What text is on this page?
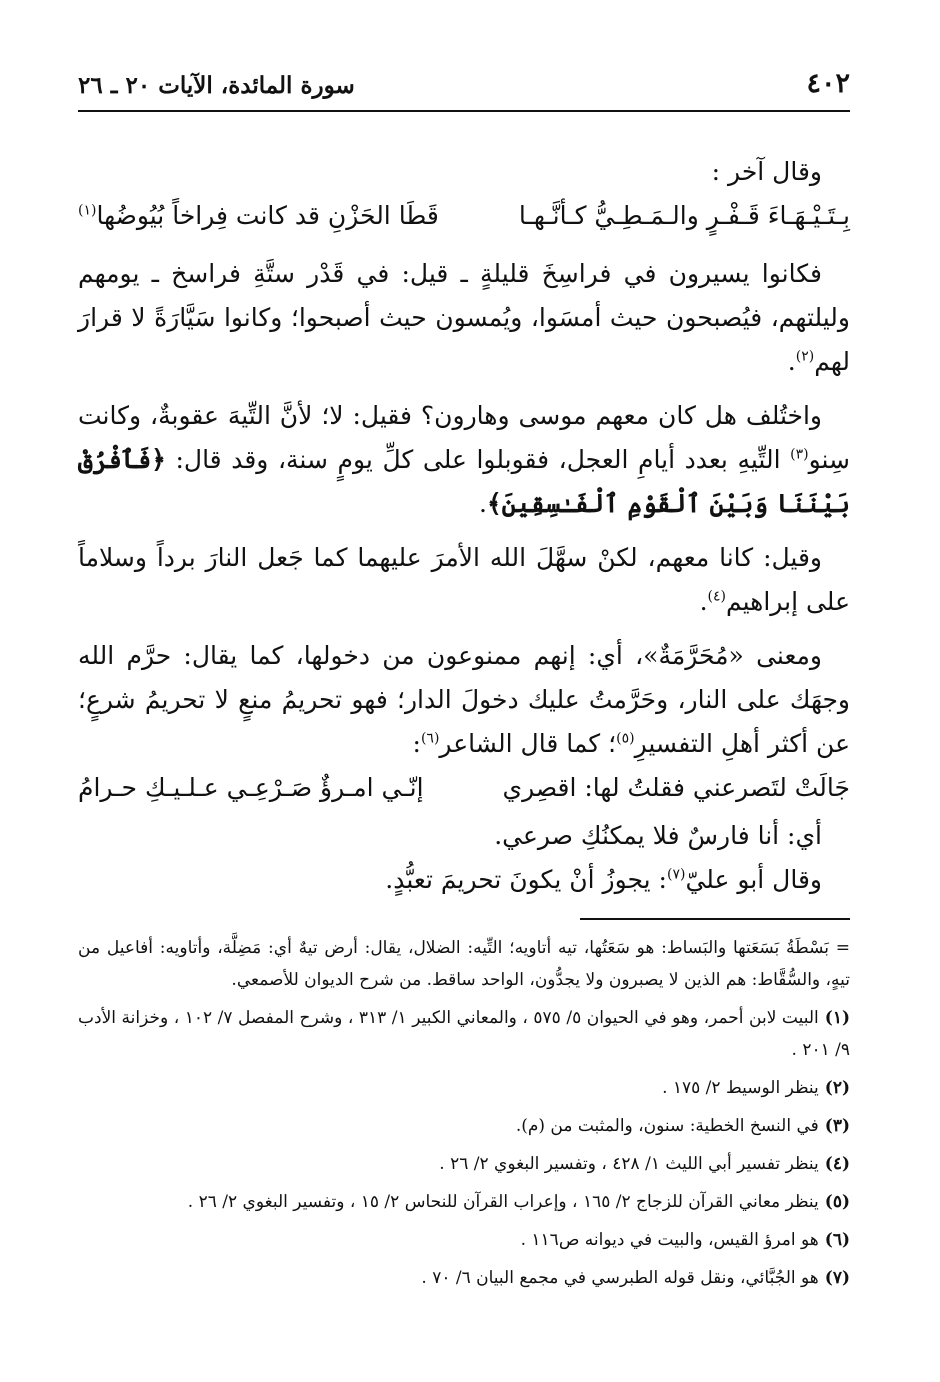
٤٠٢
سورة المائدة، الآيات ٢٠ ـ ٢٦

وقال آخر :

بِـتَـيْـهَـاءَ قَـفْـرٍ والـمَـطِـيُّ كـأنَّـهـا
قَطَا الحَزْنِ قد كانت فِراخاً بُيُوضُها$^{(١)}$

فكانوا يسيرون في فراسِخَ قليلةٍ ـ قيل: في قَدْر ستَّةِ فراسخ ـ يومهم وليلتهم، فيُصبحون حيث أمسَوا، ويُمسون حيث أصبحوا؛ وكانوا سَيَّارَةً لا قرارَ لهم$^{(٢)}$.

واختُلف هل كان معهم موسى وهارون؟ فقيل: لا؛ لأنَّ التِّيهَ عقوبةٌ، وكانت سِنو$^{(٣)}$ التِّيهِ بعدد أيامِ العجل، فقوبلوا على كلِّ يومٍ سنة، وقد قال: ﴿فَٱفْرُقْ بَيْنَنَا وَبَيْنَ ٱلْقَوْمِ ٱلْفَـٰسِقِينَ﴾.

وقيل: كانا معهم، لكنْ سهَّلَ الله الأمرَ عليهما كما جَعل النارَ برداً وسلاماً على إبراهيم$^{(٤)}$.

ومعنى «مُحَرَّمَةٌ»، أي: إنهم ممنوعون من دخولها، كما يقال: حرَّم الله وجهَك على النار، وحَرَّمتُ عليك دخولَ الدار؛ فهو تحريمُ منعٍ لا تحريمُ شرعٍ؛ عن أكثر أهلِ التفسيرِ$^{(٥)}$؛ كما قال الشاعر$^{(٦)}$:

جَالَتْ لتَصرعني فقلتُ لها: اقصِري
إنّـي امـرؤٌ صَـرْعِـي عـلـيـكِ حـرامُ

أي: أنا فارسٌ فلا يمكنُكِ صرعي.

وقال أبو عليّ$^{(٧)}$: يجوزُ أنْ يكونَ تحريمَ تعبُّدٍ.

= بَسْطَةُ بَسَعَتها والبَساط: هو سَعَتُها، تيه أتاويه؛ التِّيه: الضلال، يقال: أرض تيهٌ أي: مَضِلَّة، وأتاويه: أفاعيل من تيهٍ، والسُّقَّاط: هم الذين لا يصبرون ولا يجدُّون، الواحد ساقط. من شرح الديوان للأصمعي.

(١)البيت لابن أحمر، وهو في الحيوان ٥/ ٥٧٥ ، والمعاني الكبير ١/ ٣١٣ ، وشرح المفصل ٧/ ١٠٢ ، وخزانة الأدب ٩/ ٢٠١ .

(٢)ينظر الوسيط ٢/ ١٧٥ .

(٣)في النسخ الخطية: سنون، والمثبت من (م).

(٤)ينظر تفسير أبي الليث ١/ ٤٢٨ ، وتفسير البغوي ٢/ ٢٦ .

(٥)ينظر معاني القرآن للزجاج ٢/ ١٦٥ ، وإعراب القرآن للنحاس ٢/ ١٥ ، وتفسير البغوي ٢/ ٢٦ .

(٦)هو امرؤ القيس، والبيت في ديوانه ص١١٦ .

(٧)هو الجُبَّائي، ونقل قوله الطبرسي في مجمع البيان ٦/ ٧٠ .
